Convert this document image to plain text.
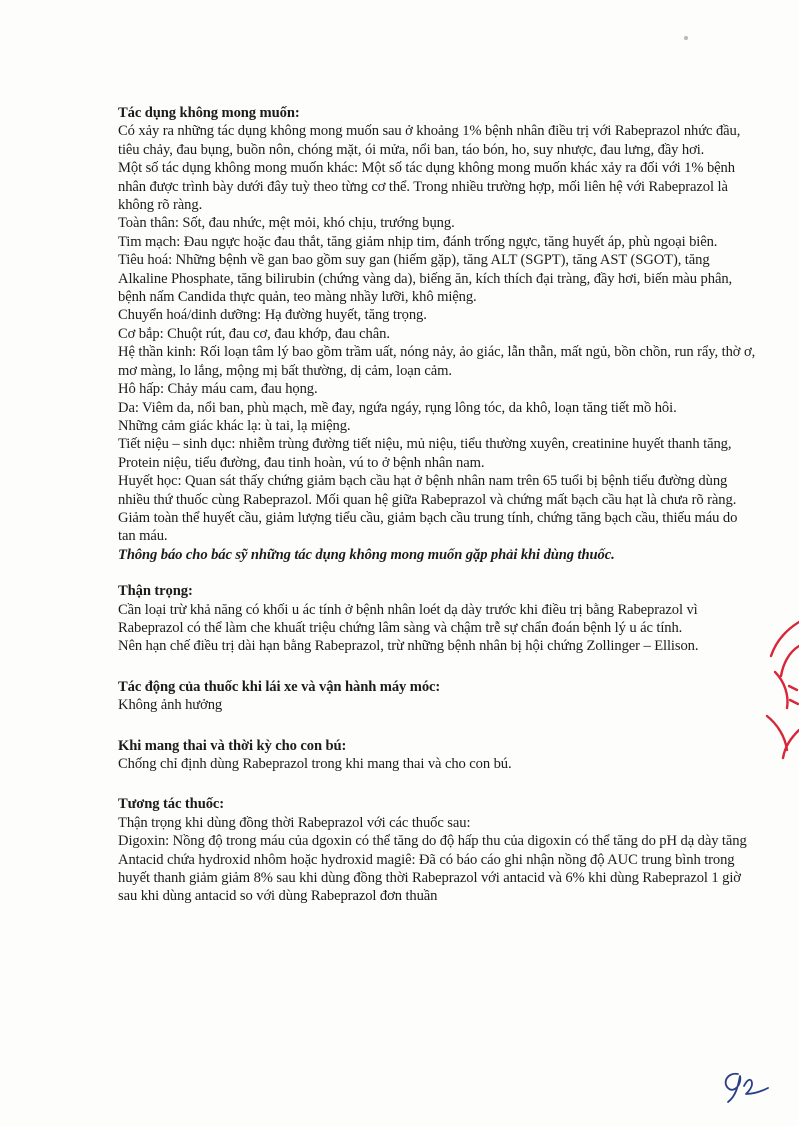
Tác dụng không mong muốn:

Có xảy ra những tác dụng không mong muốn sau ở khoảng 1% bệnh nhân điều trị với Rabeprazol nhức đầu, tiêu chảy, đau bụng, buồn nôn, chóng mặt, ói mửa, nổi ban, táo bón, ho, suy nhược, đau lưng, đầy hơi.

Một số tác dụng không mong muốn khác: Một số tác dụng không mong muốn khác xảy ra đối với 1% bệnh nhân được trình bày dưới đây tuỳ theo từng cơ thể. Trong nhiều trường hợp, mối liên hệ với Rabeprazol là không rõ ràng.

Toàn thân: Sốt, đau nhức, mệt mỏi, khó chịu, trướng bụng.

Tim mạch: Đau ngực hoặc đau thắt, tăng giảm nhịp tim, đánh trống ngực, tăng huyết áp, phù ngoại biên.

Tiêu hoá: Những bệnh về gan bao gồm suy gan (hiếm gặp), tăng ALT (SGPT), tăng AST (SGOT), tăng Alkaline Phosphate, tăng bilirubin (chứng vàng da), biếng ăn, kích thích đại tràng, đầy hơi, biến màu phân, bệnh nấm Candida thực quản, teo màng nhầy lưỡi, khô miệng.

Chuyển hoá/dinh dưỡng: Hạ đường huyết, tăng trọng.

Cơ bắp: Chuột rút, đau cơ, đau khớp, đau chân.

Hệ thần kinh: Rối loạn tâm lý bao gồm trầm uất, nóng nảy, ảo giác, lẫn thẫn, mất ngủ, bồn chồn, run rẩy, thờ ơ, mơ màng, lo lắng, mộng mị bất thường, dị cảm, loạn cảm.

Hô hấp: Chảy máu cam, đau họng.

Da: Viêm da, nổi ban, phù mạch, mề đay, ngứa ngáy, rụng lông tóc, da khô, loạn tăng tiết mồ hôi.

Những cảm giác khác lạ: ù tai, lạ miệng.

Tiết niệu – sinh dục: nhiễm trùng đường tiết niệu, mủ niệu, tiểu thường xuyên, creatinine huyết thanh tăng, Protein niệu, tiểu đường, đau tinh hoàn, vú to ở bệnh nhân nam.

Huyết học: Quan sát thấy chứng giảm bạch cầu hạt ở bệnh nhân nam trên 65 tuổi bị bệnh tiểu đường dùng nhiều thứ thuốc cùng Rabeprazol. Mối quan hệ giữa Rabeprazol và chứng mất bạch cầu hạt là chưa rõ ràng. Giảm toàn thể huyết cầu, giảm lượng tiểu cầu, giảm bạch cầu trung tính, chứng tăng bạch cầu, thiếu máu do tan máu.

Thông báo cho bác sỹ những tác dụng không mong muốn gặp phải khi dùng thuốc.

Thận trọng:

Cần loại trừ khả năng có khối u ác tính ở bệnh nhân loét dạ dày trước khi điều trị bằng Rabeprazol vì Rabeprazol có thể làm che khuất triệu chứng lâm sàng và chậm trễ sự chẩn đoán bệnh lý u ác tính.

Nên hạn chế điều trị dài hạn bằng Rabeprazol, trừ những bệnh nhân bị hội chứng Zollinger – Ellison.

Tác động của thuốc khi lái xe và vận hành máy móc:

Không ảnh hưởng

Khi mang thai và thời kỳ cho con bú:

Chống chỉ định dùng Rabeprazol trong khi mang thai và cho con bú.

Tương tác thuốc:

Thận trọng khi dùng đồng thời Rabeprazol với các thuốc sau:

Digoxin: Nồng độ trong máu của dgoxin có thể tăng do độ hấp thu của digoxin có thể tăng do pH dạ dày tăng

Antacid chứa hydroxid nhôm hoặc hydroxid magiê: Đã có báo cáo ghi nhận nồng độ AUC trung bình trong huyết thanh giảm giảm 8% sau khi dùng đồng thời Rabeprazol với antacid và 6% khi dùng Rabeprazol 1 giờ sau khi dùng antacid so với dùng Rabeprazol đơn thuần
